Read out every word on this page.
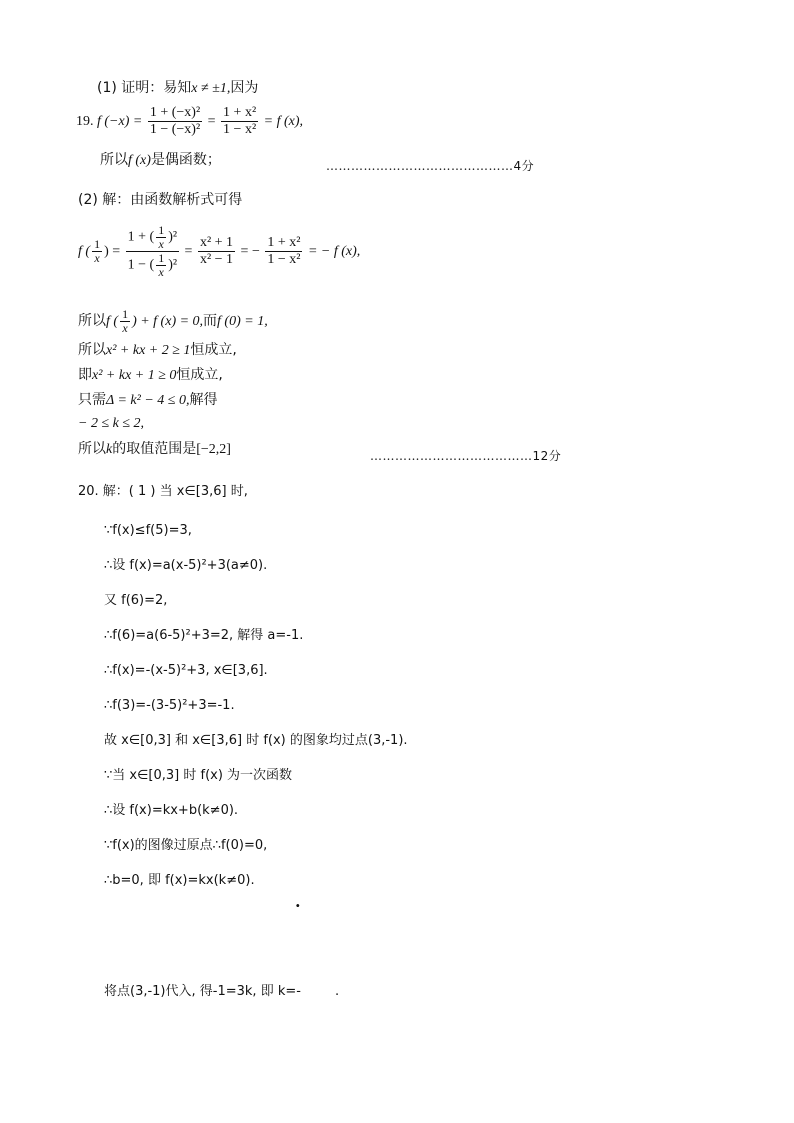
(1) 证明：易知x ≠ ±1,因为
19. f $(-x) = \frac{\text{1 + (−x)²}}{\text{1 − (−x)²}} = \frac{\text{1 + x²}}{\text{1 − x²}} = f$ (x),
所以f (x)是偶函数；	………………………………………4分
(2) 解：由函数解析式可得
f ( $\frac{1}{x}$ ) = $\frac{1 + ( \frac{1}{x} )^2}{1 - ( \frac{1}{x} )^2} = \frac{\text{x² + 1}}{\text{x² − 1}}$ = − $\frac{\text{1 + x²}}{\text{1 − x²}}$ = − f (x),
所以f ( $\frac{1}{x}$ ) + f (x) = 0,而f (0) = 1,
所以x² + kx + 2 ≥ 1恒成立,
即x² + kx + 1 ≥ 0恒成立,
只需Δ = k² − 4 ≤ 0,解得
− 2 ≤ k ≤ 2,
所以k的取值范围是[−2,2]	…………………………………12分
20. 解：( 1 ) 当 x∈[3,6] 时,
∵f(x)≤f(5)=3,
∴设 f(x)=a(x-5)²+3(a≠0).
又 f(6)=2,
∴f(6)=a(6-5)²+3=2, 解得 a=-1.
∴f(x)=-(x-5)²+3, x∈[3,6].
∴f(3)=-(3-5)²+3=-1.
故 x∈[0,3] 和 x∈[3,6] 时 f(x) 的图象均过点(3,-1).
∵当 x∈[0,3] 时 f(x) 为一次函数
∴设 f(x)=kx+b(k≠0).
∵f(x)的图像过原点∴f(0)=0,
∴b=0, 即 f(x)=kx(k≠0).
·
将点(3,-1)代入, 得-1=3k, 即 k=-	.
